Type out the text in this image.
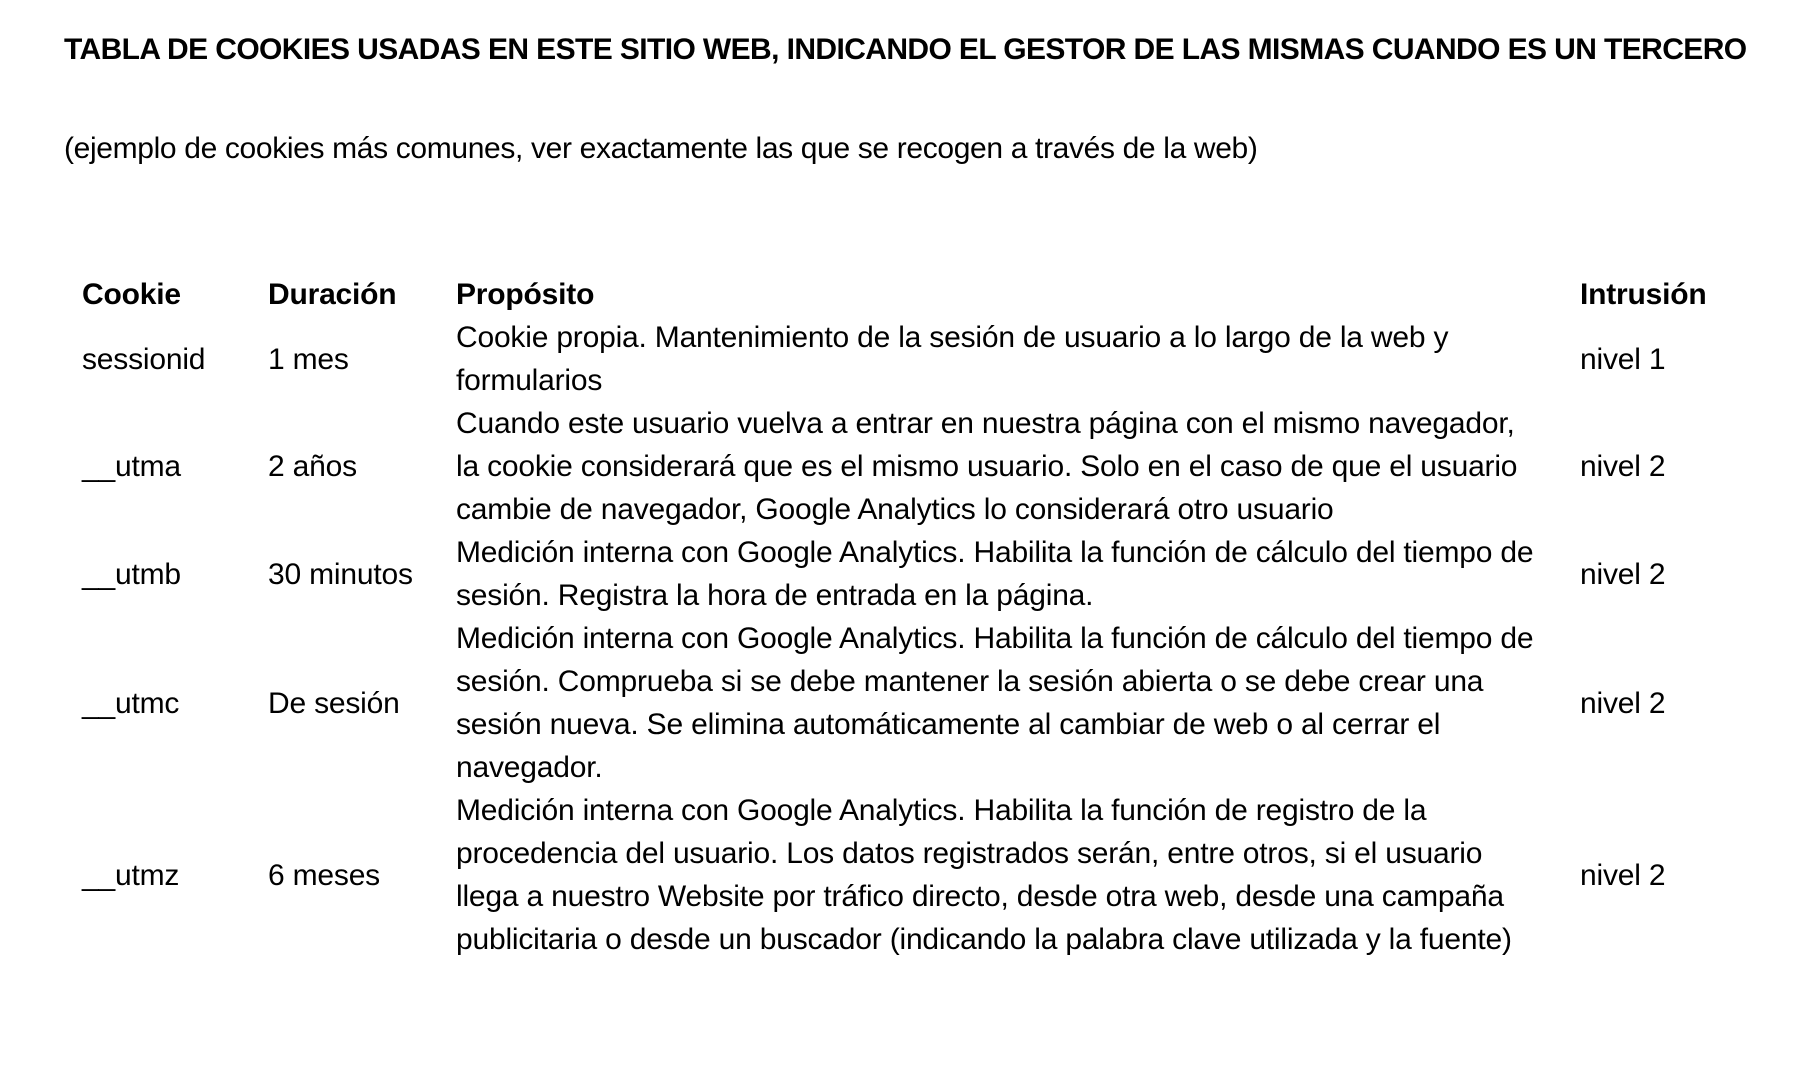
TABLA DE COOKIES USADAS EN ESTE SITIO WEB, INDICANDO EL GESTOR DE LAS MISMAS CUANDO ES UN TERCERO
(ejemplo de cookies más comunes, ver exactamente las que se recogen a través de la web)
Cookie	Duración	Propósito	Intrusión
sessionid	1 mes	Cookie propia. Mantenimiento de la sesión de usuario a lo largo de la web y formularios	nivel 1
__utma	2 años	Cuando este usuario vuelva a entrar en nuestra página con el mismo navegador, la cookie considerará que es el mismo usuario. Solo en el caso de que el usuario cambie de navegador, Google Analytics lo considerará otro usuario	nivel 2
__utmb	30 minutos	Medición interna con Google Analytics. Habilita la función de cálculo del tiempo de sesión. Registra la hora de entrada en la página.	nivel 2
__utmc	De sesión	Medición interna con Google Analytics. Habilita la función de cálculo del tiempo de sesión. Comprueba si se debe mantener la sesión abierta o se debe crear una sesión nueva. Se elimina automáticamente al cambiar de web o al cerrar el navegador.	nivel 2
__utmz	6 meses	Medición interna con Google Analytics. Habilita la función de registro de la procedencia del usuario. Los datos registrados serán, entre otros, si el usuario llega a nuestro Website por tráfico directo, desde otra web, desde una campaña publicitaria o desde un buscador (indicando la palabra clave utilizada y la fuente)	nivel 2
